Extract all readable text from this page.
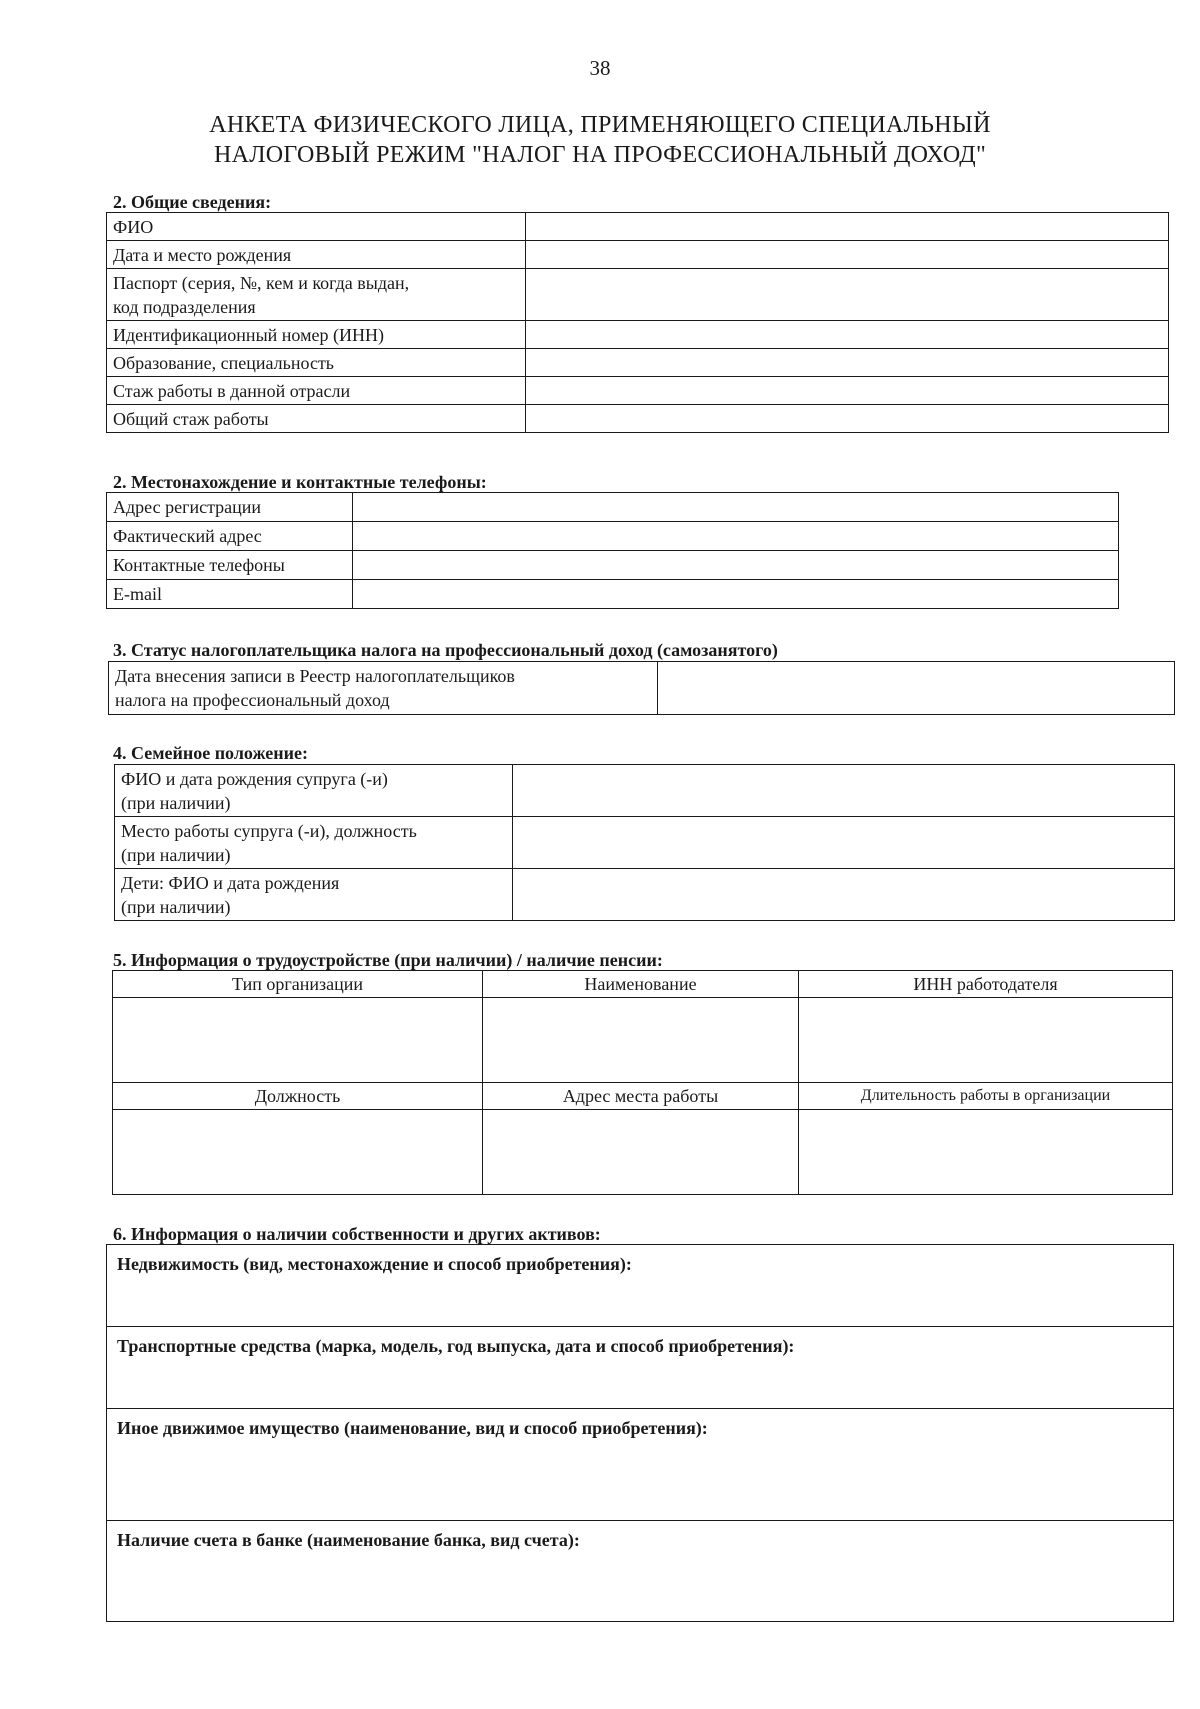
38
АНКЕТА ФИЗИЧЕСКОГО ЛИЦА, ПРИМЕНЯЮЩЕГО СПЕЦИАЛЬНЫЙ
НАЛОГОВЫЙ РЕЖИМ "НАЛОГ НА ПРОФЕССИОНАЛЬНЫЙ ДОХОД"
2. Общие сведения:
ФИО	
Дата и место рождения	

Паспорт (серия, №, кем и когда выдан,
код подразделения	

Идентификационный номер (ИНН)	
Образование, специальность	
Стаж работы в данной отрасли	
Общий стаж работы	
2. Местонахождение и контактные телефоны:
Адрес регистрации	
Фактический адрес	
Контактные телефоны	
E-mail	
3. Статус налогоплательщика налога на профессиональный доход (самозанятого)
Дата внесения записи в Реестр налогоплательщиков
налога на профессиональный доход

4. Семейное положение:
ФИО и дата рождения супруга (-и)
(при наличии)	

Место работы супруга (-и), должность
(при наличии)	

Дети: ФИО и дата рождения
(при наличии)	

5. Информация о трудоустройстве (при наличии) / наличие пенсии:
Тип организации	Наименование	ИНН работодателя

Должность	Адрес места работы	Длительность работы в организации

6. Информация о наличии собственности и других активов:
Недвижимость (вид, местонахождение и способ приобретения):
Транспортные средства (марка, модель, год выпуска, дата и способ приобретения):
Иное движимое имущество (наименование, вид и способ приобретения):
Наличие счета в банке (наименование банка, вид счета):
